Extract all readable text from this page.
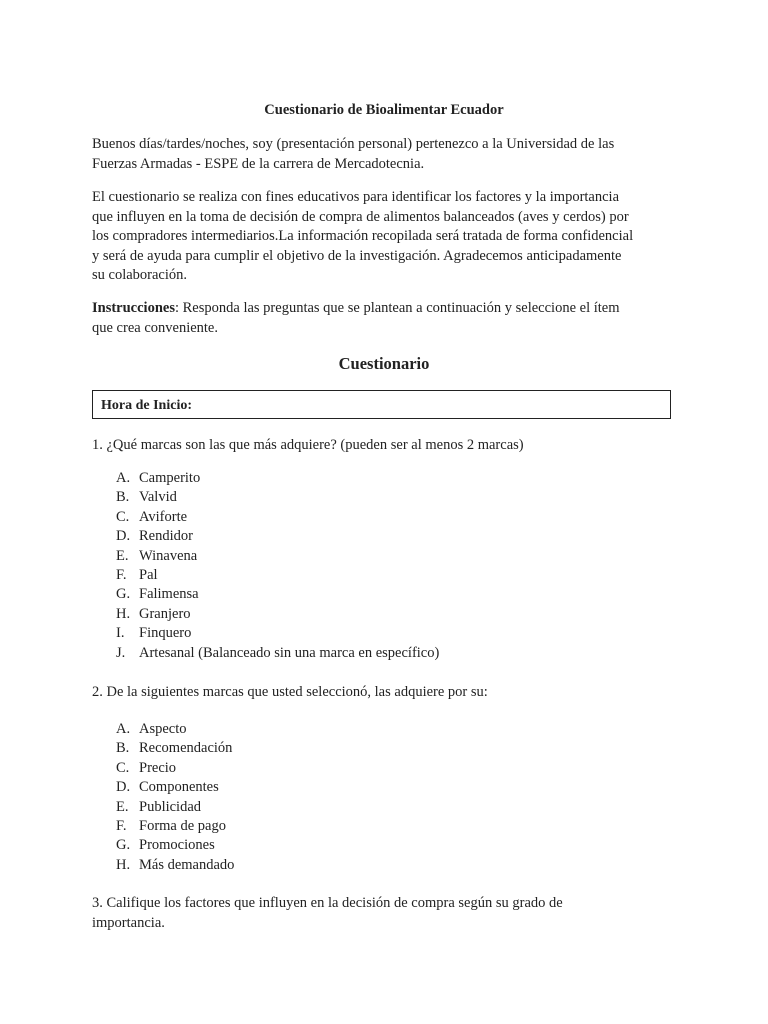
Cuestionario de Bioalimentar Ecuador

Buenos días/tardes/noches, soy (presentación personal) pertenezco a la Universidad de las
Fuerzas Armadas - ESPE de la carrera de Mercadotecnia.

El cuestionario se realiza con fines educativos para identificar los factores y la importancia
que influyen en la toma de decisión de compra de alimentos balanceados (aves y cerdos) por
los compradores intermediarios.La información recopilada será tratada de forma confidencial
y será de ayuda para cumplir el objetivo de la investigación. Agradecemos anticipadamente
su colaboración.

Instrucciones: Responda las preguntas que se plantean a continuación y seleccione el ítem
que crea conveniente.

Cuestionario
Hora de Inicio:
1. ¿Qué marcas son las que más adquiere? (pueden ser al menos 2 marcas)
A. Camperito
B. Valvid
C. Aviforte
D. Rendidor
E. Winavena
F. Pal
G. Falimensa
H. Granjero
I. Finquero
J. Artesanal (Balanceado sin una marca en específico)
2. De la siguientes marcas que usted seleccionó, las adquiere por su:
A. Aspecto
B. Recomendación
C. Precio
D. Componentes
E. Publicidad
F. Forma de pago
G. Promociones
H. Más demandado
3. Califique los factores que influyen en la decisión de compra según su grado de
importancia.
